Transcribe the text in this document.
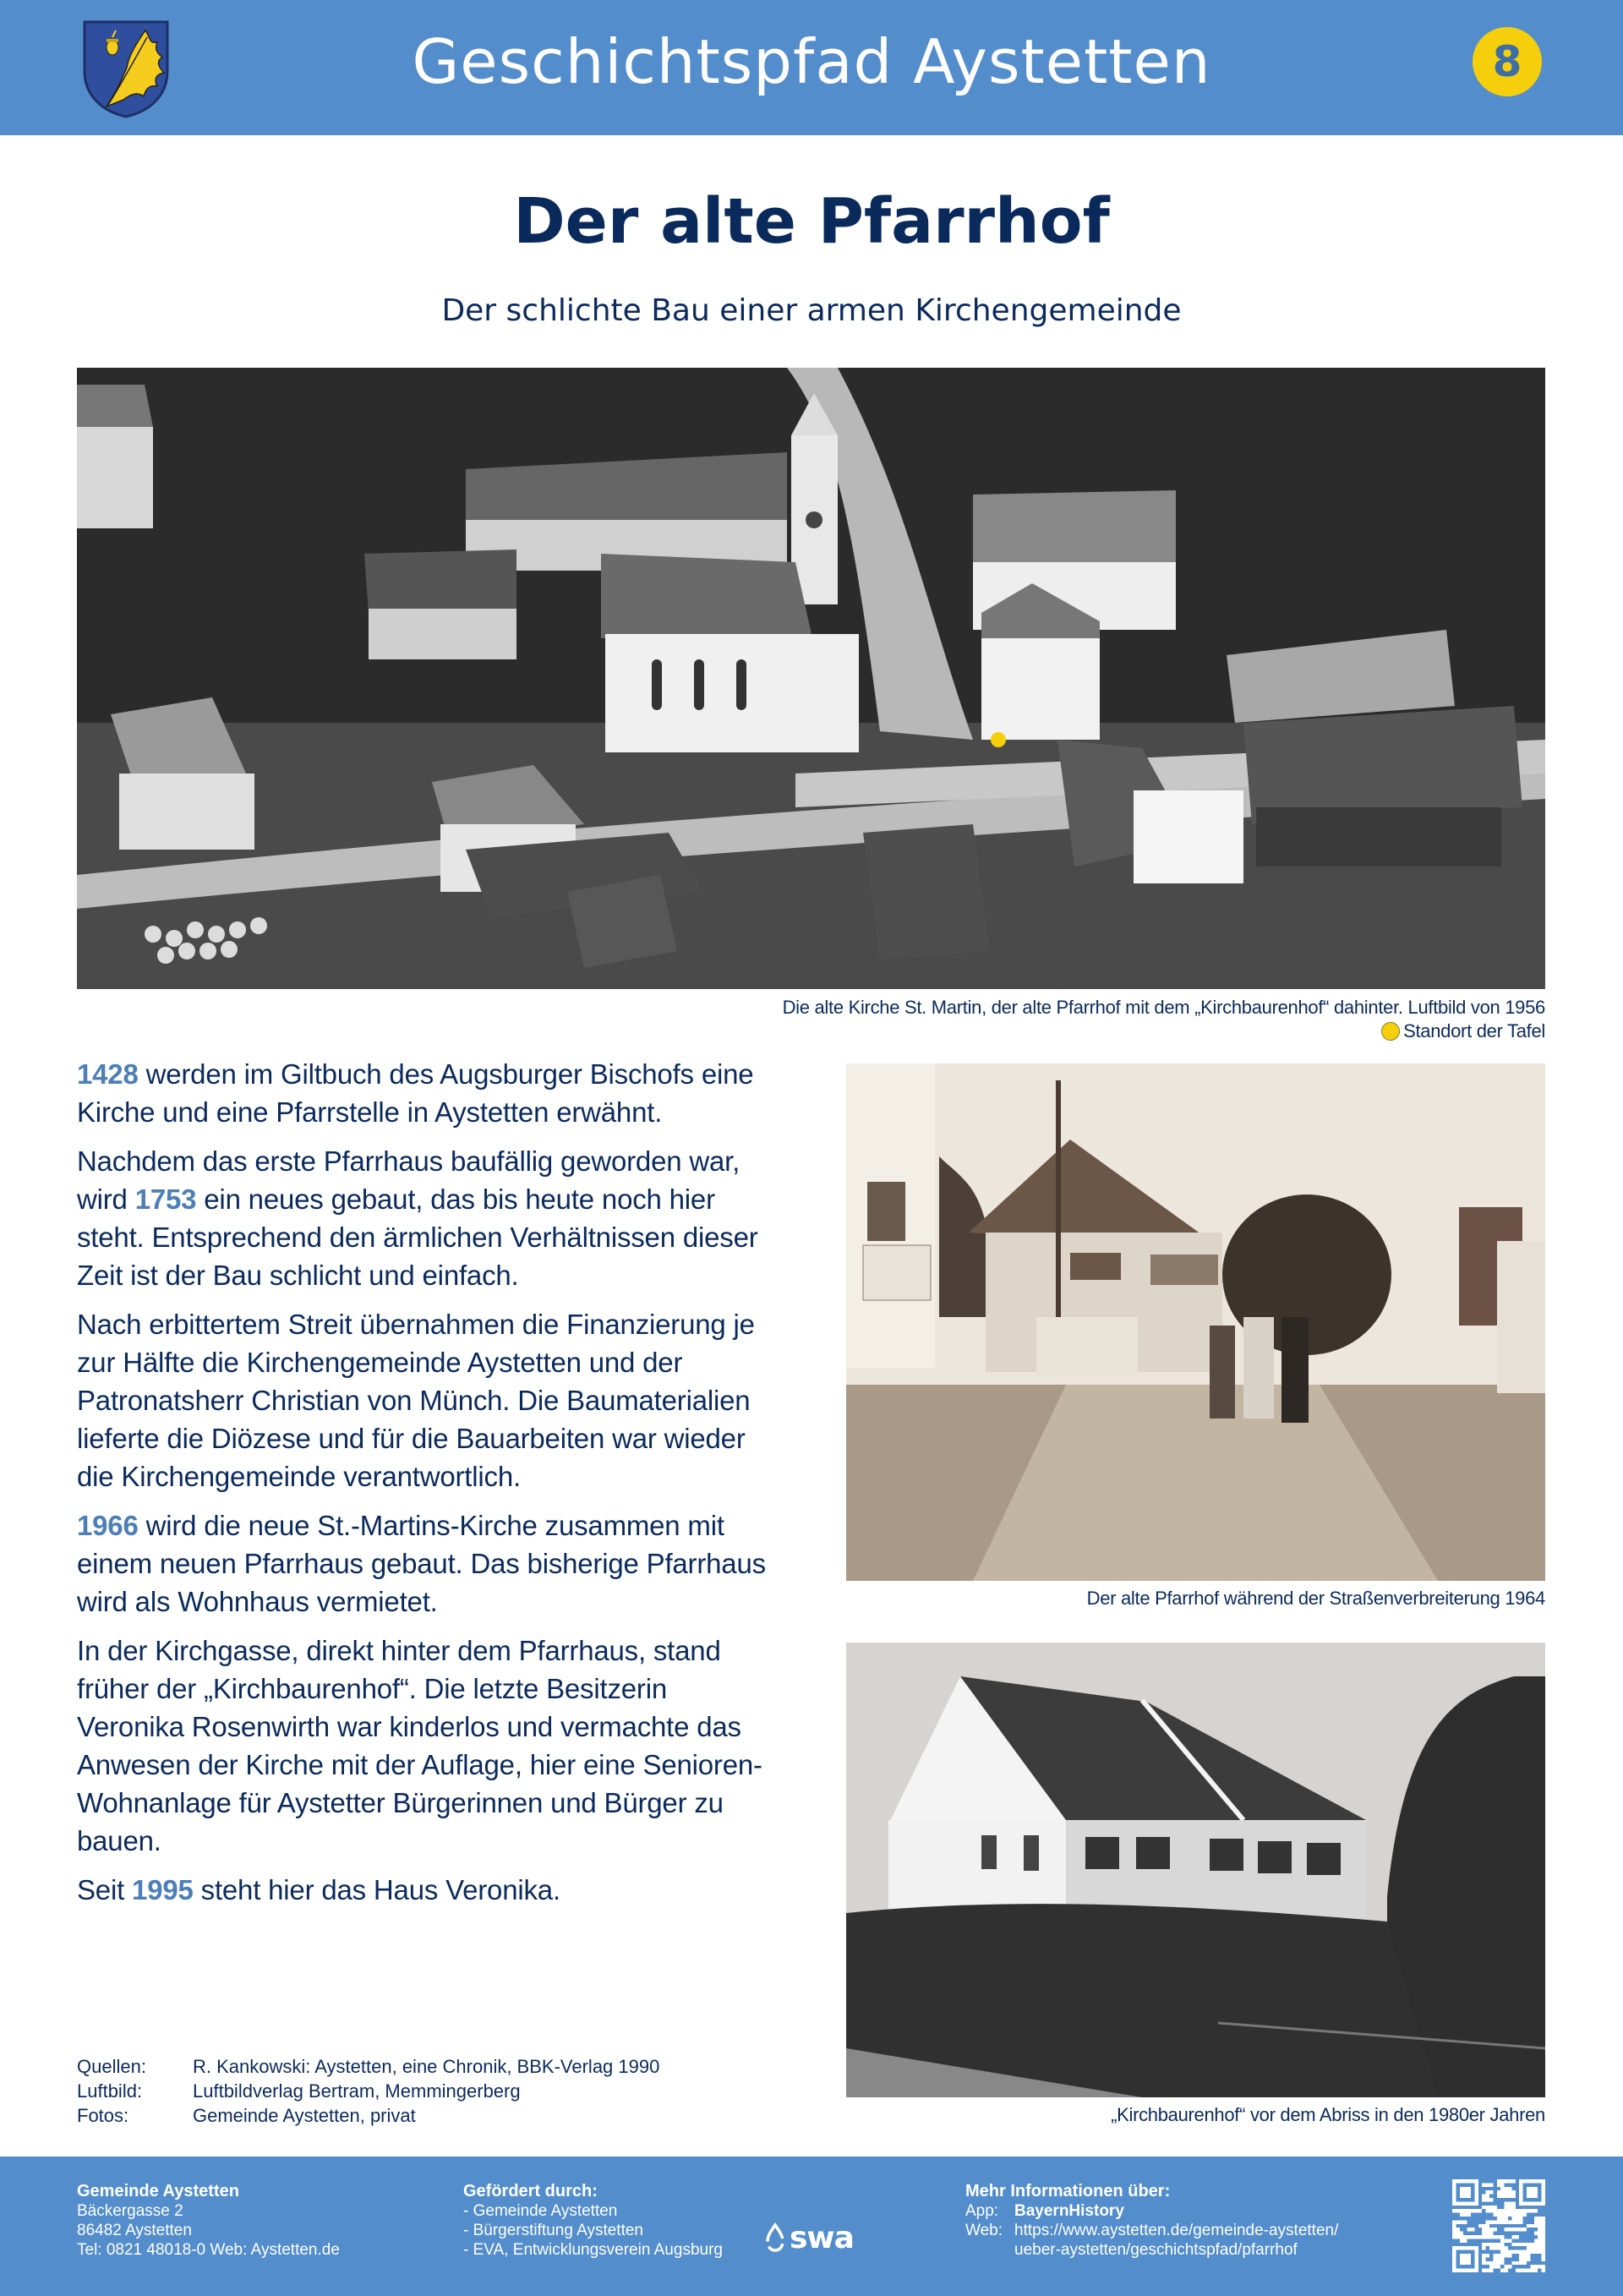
Geschichtspfad Aystetten	8
Der alte Pfarrhof
Der schlichte Bau einer armen Kirchengemeinde
Die alte Kirche St. Martin, der alte Pfarrhof mit dem „Kirchbaurenhof“ dahinter. Luftbild von 1956
Standort der Tafel

1428 werden im Giltbuch des Augsburger Bischofs eine Kirche und eine Pfarrstelle in Aystetten erwähnt.

Nachdem das erste Pfarrhaus baufällig geworden war, wird 1753 ein neues gebaut, das bis heute noch hier steht. Entsprechend den ärmlichen Verhältnissen dieser Zeit ist der Bau schlicht und einfach.

Nach erbittertem Streit übernahmen die Finanzierung je zur Hälfte die Kirchengemeinde Aystetten und der Patronatsherr Christian von Münch. Die Baumaterialien lieferte die Diözese und für die Bauarbeiten war wieder die Kirchengemeinde verantwortlich.

1966 wird die neue St.-Martins-Kirche zusammen mit einem neuen Pfarrhaus gebaut. Das bisherige Pfarrhaus wird als Wohnhaus vermietet.

In der Kirchgasse, direkt hinter dem Pfarrhaus, stand früher der „Kirchbaurenhof“. Die letzte Besitzerin Veronika Rosenwirth war kinderlos und vermachte das Anwesen der Kirche mit der Auflage, hier eine Senioren-Wohnanlage für Aystetter Bürgerinnen und Bürger zu bauen.

Seit 1995 steht hier das Haus Veronika.

Der alte Pfarrhof während der Straßenverbreiterung 1964
„Kirchbaurenhof“ vor dem Abriss in den 1980er Jahren
Quellen:	R. Kankowski: Aystetten, eine Chronik, BBK-Verlag 1990
Luftbild:	Luftbildverlag Bertram, Memmingerberg
Fotos:	Gemeinde Aystetten, privat
Gemeinde Aystetten
Bäckergasse 2
86482 Aystetten
Tel: 0821 48018-0 Web: Aystetten.de
Gefördert durch:
- Gemeinde Aystetten
- Bürgerstiftung Aystetten
- EVA, Entwicklungsverein Augsburg swa
Mehr Informationen über:
App: BayernHistory
Web: https://www.aystetten.de/gemeinde-aystetten/
ueber-aystetten/geschichtspfad/pfarrhof
